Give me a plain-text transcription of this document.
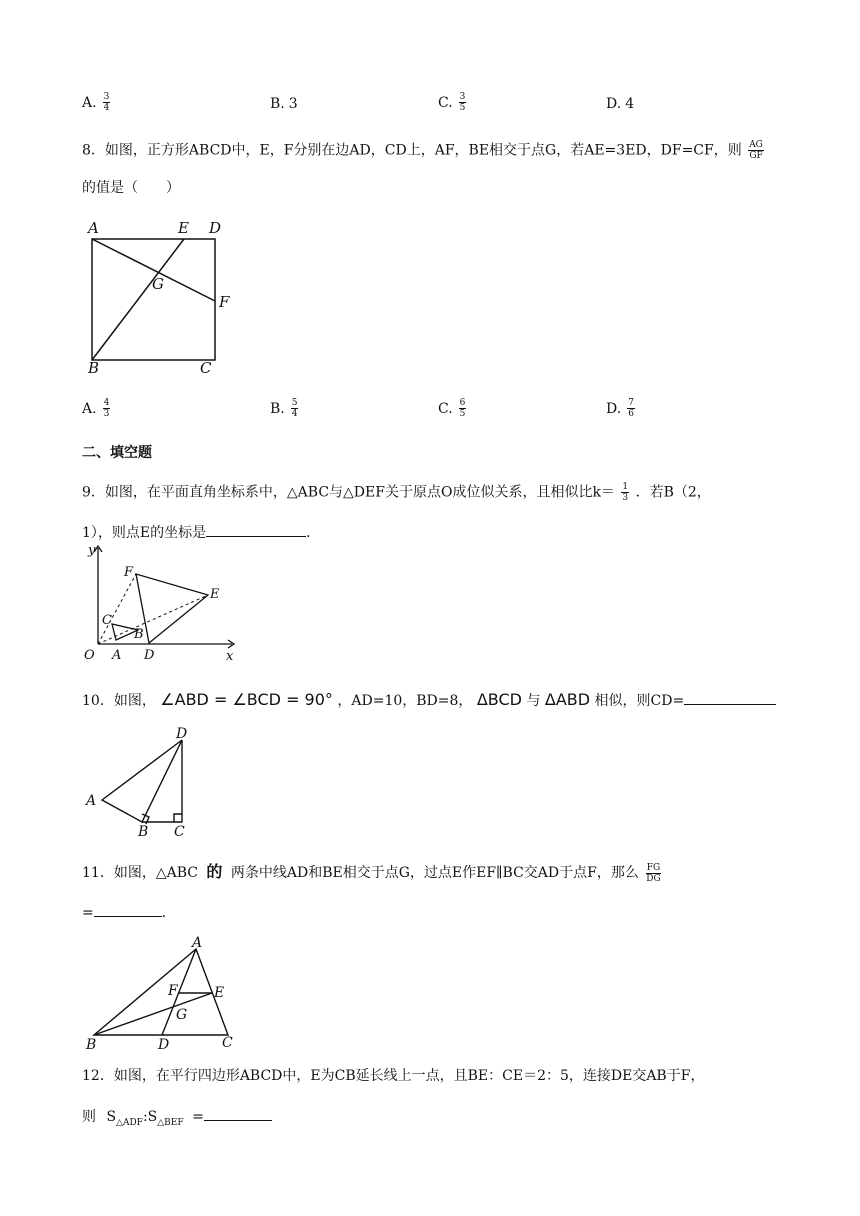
A. $\frac{3}{4}$	B. 3	C. $\frac{3}{5}$	D. 4
8．如图，正方形ABCD中，E，F分别在边AD，CD上，AF，BE相交于点G，若AE=3ED，DF=CF，则 $\frac{AG}{GF}$
的值是（　　）
A	E D
G
F
B	C
A. $\frac{4}{3}$	B. $\frac{5}{4}$	C. $\frac{6}{5}$	D. $\frac{7}{6}$
二、填空题
9．如图，在平面直角坐标系中，△ABC与△DEF关于原点O成位似关系，且相似比$k= \frac{1}{3}$ ．若B（2，
1），则点E的坐标是	．
y
x
O A D
B
C
F
E
10．如图， ∠ABD = ∠BCD = 90° ，AD=10，BD=8， ΔBCD 与 ΔABD 相似，则CD=
A
B C
D
11．如图，△ABC 的 两条中线AD和BE相交于点G，过点E作EF∥BC交AD于点F，那么 $\frac{FG}{DG}$
=	．
A
B	C
D
E
F
G
12．如图，在平行四边形ABCD中，E为CB延长线上一点，且BE：CE＝2：5，连接DE交AB于F，
则 $S_{\triangle ADF}:S_{\triangle BEF}$ =
